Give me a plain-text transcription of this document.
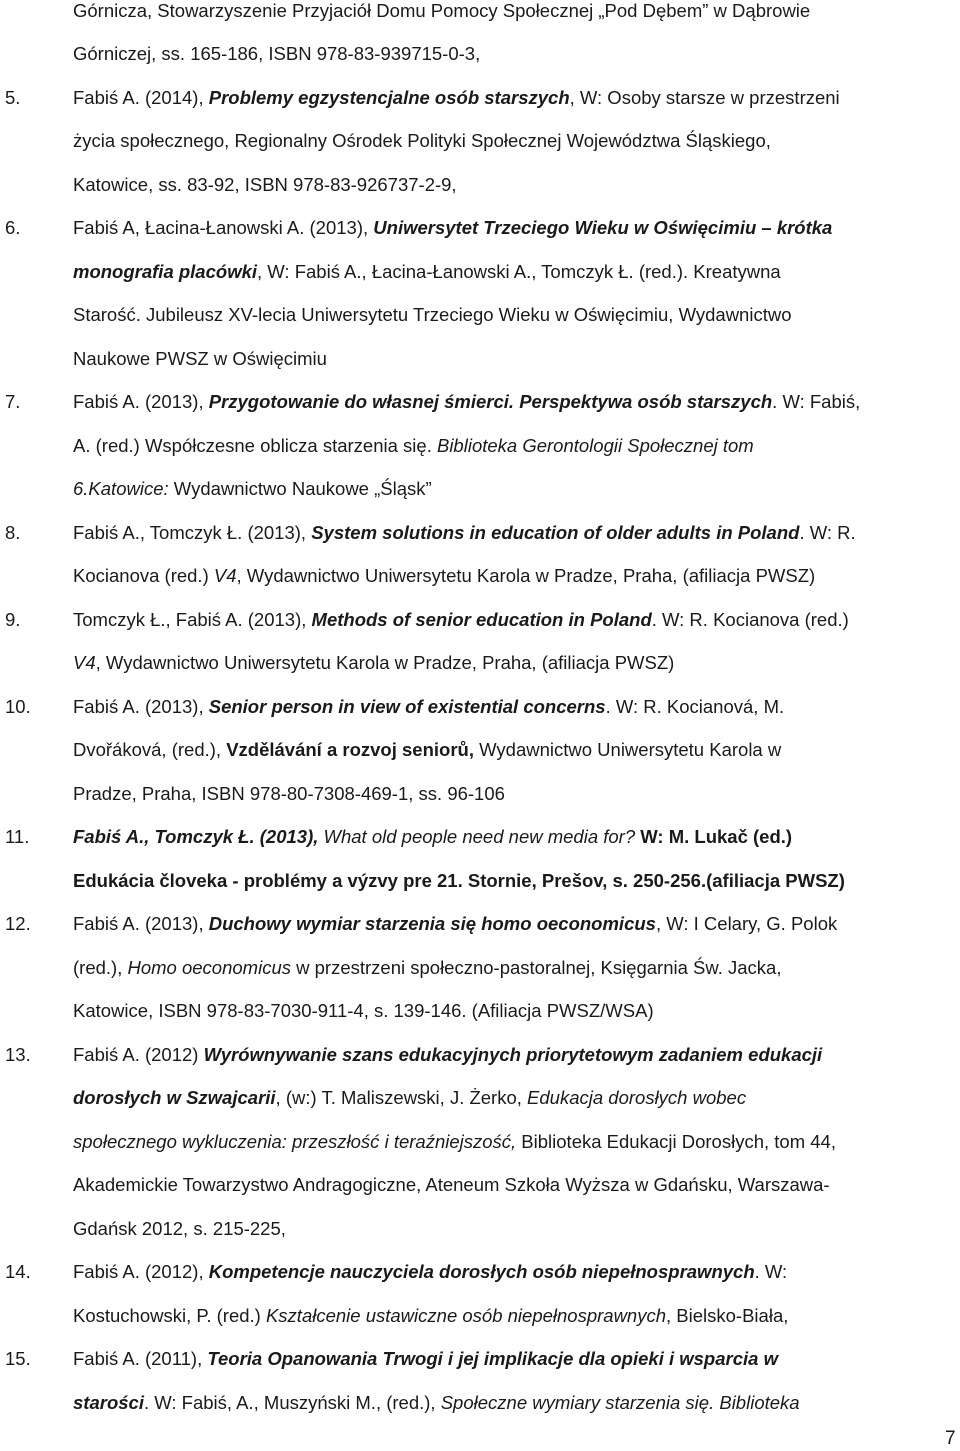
Górnicza, Stowarzyszenie Przyjaciół Domu Pomocy Społecznej „Pod Dębem” w Dąbrowie
Górniczej, ss. 165-186, ISBN 978-83-939715-0-3,
5.	Fabiś A. (2014), Problemy egzystencjalne osób starszych, W: Osoby starsze w przestrzeni
życia społecznego, Regionalny Ośrodek Polityki Społecznej Województwa Śląskiego,
Katowice, ss. 83-92, ISBN 978-83-926737-2-9,
6.	Fabiś A, Łacina-Łanowski A. (2013), Uniwersytet Trzeciego Wieku w Oświęcimiu – krótka
monografia placówki, W: Fabiś A., Łacina-Łanowski A., Tomczyk Ł. (red.). Kreatywna
Starość. Jubileusz XV-lecia Uniwersytetu Trzeciego Wieku w Oświęcimiu, Wydawnictwo
Naukowe PWSZ w Oświęcimiu
7.	Fabiś A. (2013), Przygotowanie do własnej śmierci. Perspektywa osób starszych. W: Fabiś,
A. (red.) Współczesne oblicza starzenia się. Biblioteka Gerontologii Społecznej tom
6.Katowice: Wydawnictwo Naukowe „Śląsk”
8.	Fabiś A., Tomczyk Ł. (2013), System solutions in education of older adults in Poland. W: R.
Kocianova (red.) V4, Wydawnictwo Uniwersytetu Karola w Pradze, Praha, (afiliacja PWSZ)
9.	Tomczyk Ł., Fabiś A. (2013), Methods of senior education in Poland. W: R. Kocianova (red.)
V4, Wydawnictwo Uniwersytetu Karola w Pradze, Praha, (afiliacja PWSZ)
10. Fabiś A. (2013), Senior person in view of existential concerns. W: R. Kocianová, M.
Dvořáková, (red.), Vzdělávání a rozvoj seniorů, Wydawnictwo Uniwersytetu Karola w
Pradze, Praha, ISBN 978-80-7308-469-1, ss. 96-106
11. Fabiś A., Tomczyk Ł. (2013), What old people need new media for? W: M. Lukač (ed.)
Edukácia človeka - problémy a výzvy pre 21. Stornie, Prešov, s. 250-256.(afiliacja PWSZ)
12. Fabiś A. (2013), Duchowy wymiar starzenia się homo oeconomicus, W: I Celary, G. Polok
(red.), Homo oeconomicus w przestrzeni społeczno-pastoralnej, Księgarnia Św. Jacka,
Katowice, ISBN 978-83-7030-911-4, s. 139-146. (Afiliacja PWSZ/WSA)
13. Fabiś A. (2012) Wyrównywanie szans edukacyjnych priorytetowym zadaniem edukacji
dorosłych w Szwajcarii, (w:) T. Maliszewski, J. Żerko, Edukacja dorosłych wobec
społecznego wykluczenia: przeszłość i teraźniejszość, Biblioteka Edukacji Dorosłych, tom 44,
Akademickie Towarzystwo Andragogiczne, Ateneum Szkoła Wyższa w Gdańsku, Warszawa-
Gdańsk 2012, s. 215-225,
14. Fabiś A. (2012), Kompetencje nauczyciela dorosłych osób niepełnosprawnych. W:
Kostuchowski, P. (red.) Kształcenie ustawiczne osób niepełnosprawnych, Bielsko-Biała,
15. Fabiś A. (2011), Teoria Opanowania Trwogi i jej implikacje dla opieki i wsparcia w
starości. W: Fabiś, A., Muszyński M., (red.), Społeczne wymiary starzenia się. Biblioteka
7
